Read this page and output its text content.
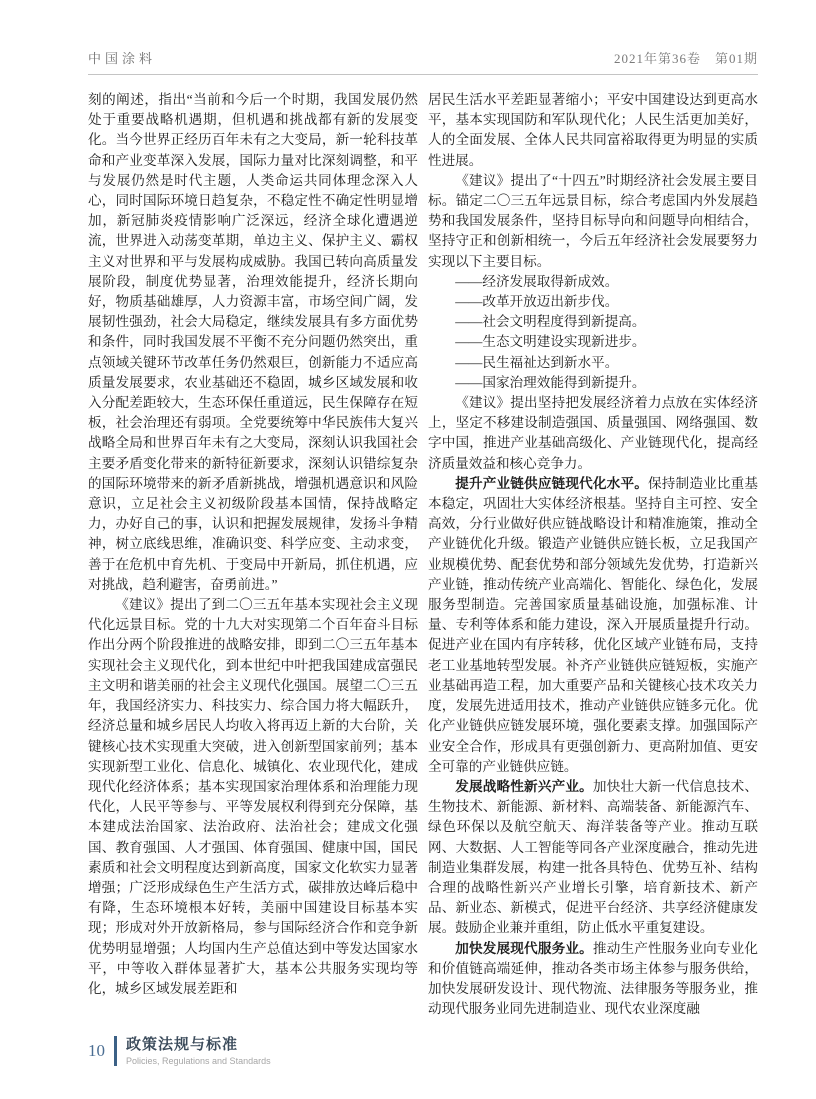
中国涂料	2021年第36卷　第01期

刻的阐述，指出“当前和今后一个时期，我国发展仍然处于重要战略机遇期，但机遇和挑战都有新的发展变化。当今世界正经历百年未有之大变局，新一轮科技革命和产业变革深入发展，国际力量对比深刻调整，和平与发展仍然是时代主题，人类命运共同体理念深入人心，同时国际环境日趋复杂，不稳定性不确定性明显增加，新冠肺炎疫情影响广泛深远，经济全球化遭遇逆流，世界进入动荡变革期，单边主义、保护主义、霸权主义对世界和平与发展构成威胁。我国已转向高质量发展阶段，制度优势显著，治理效能提升，经济长期向好，物质基础雄厚，人力资源丰富，市场空间广阔，发展韧性强劲，社会大局稳定，继续发展具有多方面优势和条件，同时我国发展不平衡不充分问题仍然突出，重点领域关键环节改革任务仍然艰巨，创新能力不适应高质量发展要求，农业基础还不稳固，城乡区域发展和收入分配差距较大，生态环保任重道远，民生保障存在短板，社会治理还有弱项。全党要统筹中华民族伟大复兴战略全局和世界百年未有之大变局，深刻认识我国社会主要矛盾变化带来的新特征新要求，深刻认识错综复杂的国际环境带来的新矛盾新挑战，增强机遇意识和风险意识，立足社会主义初级阶段基本国情，保持战略定力，办好自己的事，认识和把握发展规律，发扬斗争精神，树立底线思维，准确识变、科学应变、主动求变，善于在危机中育先机、于变局中开新局，抓住机遇，应对挑战，趋利避害，奋勇前进。”

《建议》提出了到二〇三五年基本实现社会主义现代化远景目标。党的十九大对实现第二个百年奋斗目标作出分两个阶段推进的战略安排，即到二〇三五年基本实现社会主义现代化，到本世纪中叶把我国建成富强民主文明和谐美丽的社会主义现代化强国。展望二〇三五年，我国经济实力、科技实力、综合国力将大幅跃升，经济总量和城乡居民人均收入将再迈上新的大台阶，关键核心技术实现重大突破，进入创新型国家前列；基本实现新型工业化、信息化、城镇化、农业现代化，建成现代化经济体系；基本实现国家治理体系和治理能力现代化，人民平等参与、平等发展权利得到充分保障，基本建成法治国家、法治政府、法治社会；建成文化强国、教育强国、人才强国、体育强国、健康中国，国民素质和社会文明程度达到新高度，国家文化软实力显著增强；广泛形成绿色生产生活方式，碳排放达峰后稳中有降，生态环境根本好转，美丽中国建设目标基本实现；形成对外开放新格局，参与国际经济合作和竞争新优势明显增强；人均国内生产总值达到中等发达国家水平，中等收入群体显著扩大，基本公共服务实现均等化，城乡区域发展差距和

居民生活水平差距显著缩小；平安中国建设达到更高水平，基本实现国防和军队现代化；人民生活更加美好，人的全面发展、全体人民共同富裕取得更为明显的实质性进展。

《建议》提出了“十四五”时期经济社会发展主要目标。锚定二〇三五年远景目标，综合考虑国内外发展趋势和我国发展条件，坚持目标导向和问题导向相结合，坚持守正和创新相统一，今后五年经济社会发展要努力实现以下主要目标。

——经济发展取得新成效。

——改革开放迈出新步伐。

——社会文明程度得到新提高。

——生态文明建设实现新进步。

——民生福祉达到新水平。

——国家治理效能得到新提升。

《建议》提出坚持把发展经济着力点放在实体经济上，坚定不移建设制造强国、质量强国、网络强国、数字中国，推进产业基础高级化、产业链现代化，提高经济质量效益和核心竞争力。

提升产业链供应链现代化水平。保持制造业比重基本稳定，巩固壮大实体经济根基。坚持自主可控、安全高效，分行业做好供应链战略设计和精准施策，推动全产业链优化升级。锻造产业链供应链长板，立足我国产业规模优势、配套优势和部分领域先发优势，打造新兴产业链，推动传统产业高端化、智能化、绿色化，发展服务型制造。完善国家质量基础设施，加强标准、计量、专利等体系和能力建设，深入开展质量提升行动。促进产业在国内有序转移，优化区域产业链布局，支持老工业基地转型发展。补齐产业链供应链短板，实施产业基础再造工程，加大重要产品和关键核心技术攻关力度，发展先进适用技术，推动产业链供应链多元化。优化产业链供应链发展环境，强化要素支撑。加强国际产业安全合作，形成具有更强创新力、更高附加值、更安全可靠的产业链供应链。

发展战略性新兴产业。加快壮大新一代信息技术、生物技术、新能源、新材料、高端装备、新能源汽车、绿色环保以及航空航天、海洋装备等产业。推动互联网、大数据、人工智能等同各产业深度融合，推动先进制造业集群发展，构建一批各具特色、优势互补、结构合理的战略性新兴产业增长引擎，培育新技术、新产品、新业态、新模式，促进平台经济、共享经济健康发展。鼓励企业兼并重组，防止低水平重复建设。

加快发展现代服务业。推动生产性服务业向专业化和价值链高端延伸，推动各类市场主体参与服务供给，加快发展研发设计、现代物流、法律服务等服务业，推动现代服务业同先进制造业、现代农业深度融

10 政策法规与标准
Policies, Regulations and Standards
